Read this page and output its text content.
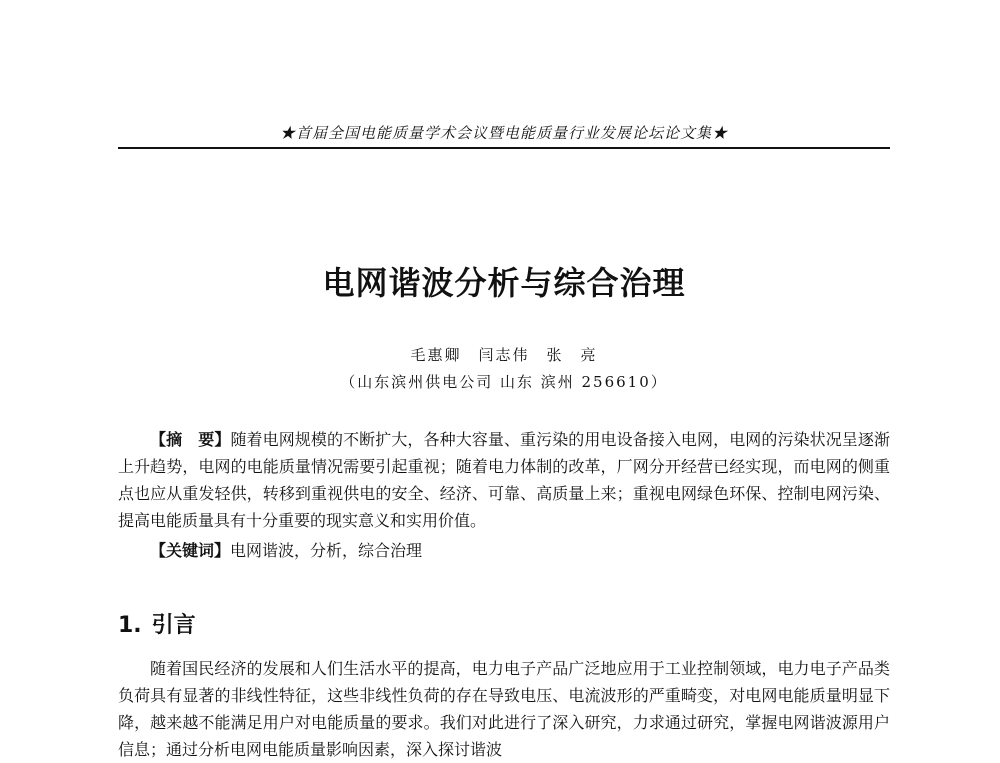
★首届全国电能质量学术会议暨电能质量行业发展论坛论文集★
电网谐波分析与综合治理
毛惠卿　闫志伟　张　亮
（山东滨州供电公司 山东 滨州 256610）

【摘　要】随着电网规模的不断扩大，各种大容量、重污染的用电设备接入电网，电网的污染状况呈逐渐上升趋势，电网的电能质量情况需要引起重视；随着电力体制的改革，厂网分开经营已经实现，而电网的侧重点也应从重发轻供，转移到重视供电的安全、经济、可靠、高质量上来；重视电网绿色环保、控制电网污染、提高电能质量具有十分重要的现实意义和实用价值。

【关键词】电网谐波，分析，综合治理

1. 引言

随着国民经济的发展和人们生活水平的提高，电力电子产品广泛地应用于工业控制领域，电力电子产品类负荷具有显著的非线性特征，这些非线性负荷的存在导致电压、电流波形的严重畸变，对电网电能质量明显下降，越来越不能满足用户对电能质量的要求。我们对此进行了深入研究，力求通过研究，掌握电网谐波源用户信息；通过分析电网电能质量影响因素，深入探讨谐波
